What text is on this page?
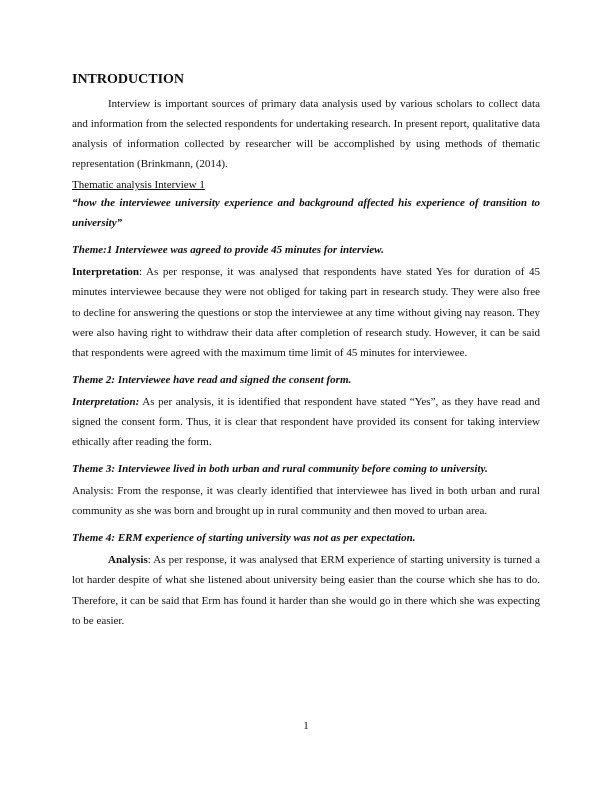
INTRODUCTION

Interview is important sources of primary data analysis used by various scholars to collect data and information from the selected respondents for undertaking research. In present report, qualitative data analysis of information collected by researcher will be accomplished by using methods of thematic representation (Brinkmann, (2014).

Thematic analysis Interview 1

“how the interviewee university experience and background affected his experience of transition to university”

Theme:1 Interviewee was agreed to provide 45 minutes for interview.

Interpretation: As per response, it was analysed that respondents have stated Yes for duration of 45 minutes interviewee because they were not obliged for taking part in research study. They were also free to decline for answering the questions or stop the interviewee at any time without giving nay reason. They were also having right to withdraw their data after completion of research study. However, it can be said that respondents were agreed with the maximum time limit of 45 minutes for interviewee.

Theme 2: Interviewee have read and signed the consent form.

Interpretation: As per analysis, it is identified that respondent have stated “Yes”, as they have read and signed the consent form. Thus, it is clear that respondent have provided its consent for taking interview ethically after reading the form.

Theme 3: Interviewee lived in both urban and rural community before coming to university.

Analysis: From the response, it was clearly identified that interviewee has lived in both urban and rural community as she was born and brought up in rural community and then moved to urban area.

Theme 4: ERM experience of starting university was not as per expectation.

Analysis: As per response, it was analysed that ERM experience of starting university is turned a lot harder despite of what she listened about university being easier than the course which she has to do. Therefore, it can be said that Erm has found it harder than she would go in there which she was expecting to be easier.

1
